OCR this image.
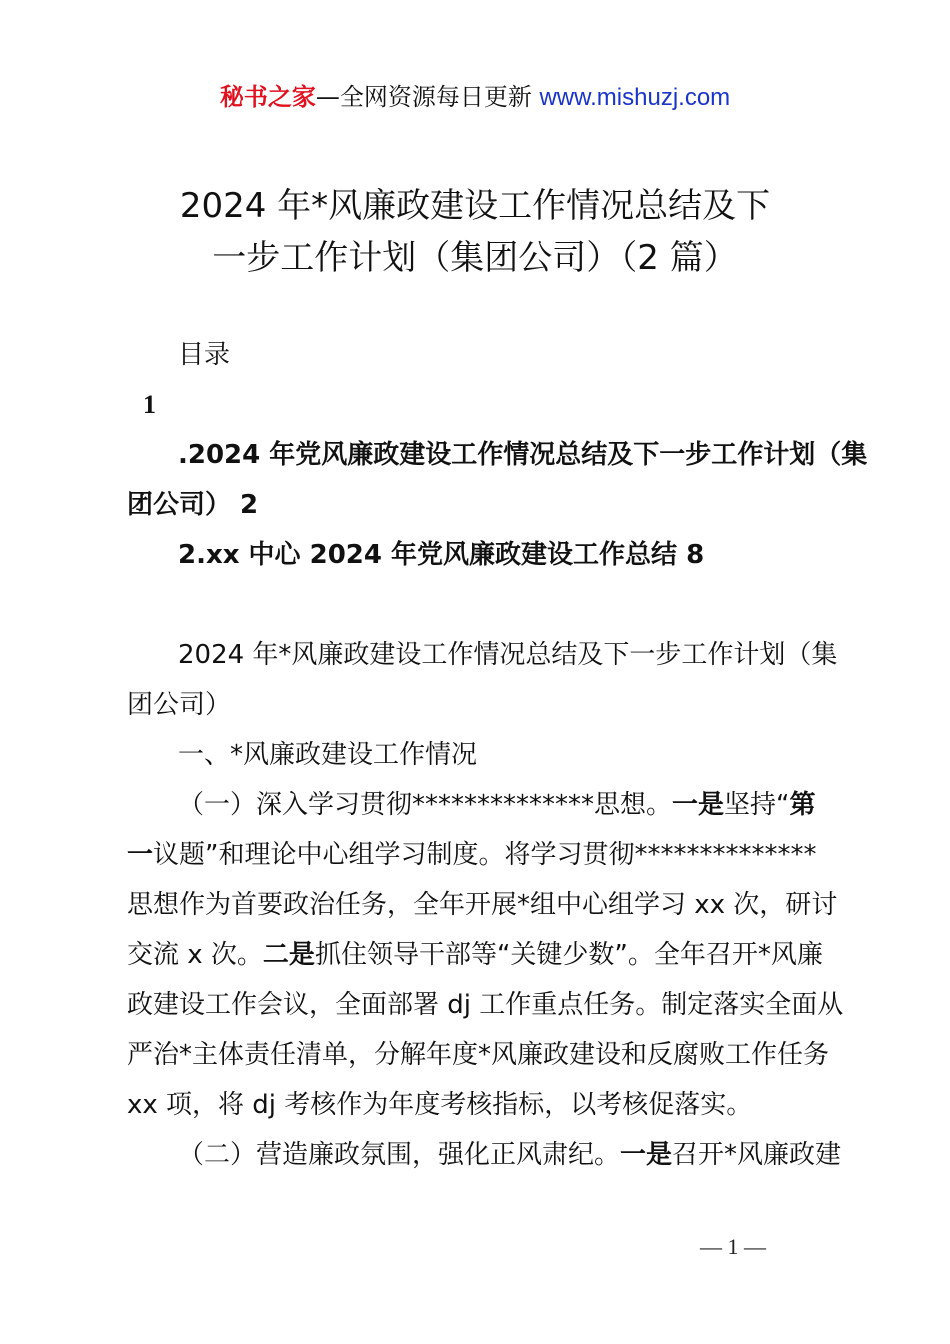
秘书之家—全网资源每日更新 www.mishuzj.com
2024 年*风廉政建设工作情况总结及下
一步工作计划（集团公司）（2 篇）
目录
1
.2024 年党风廉政建设工作情况总结及下一步工作计划（集
团公司） 2
2.xx 中心 2024 年党风廉政建设工作总结 8
2024 年*风廉政建设工作情况总结及下一步工作计划（集
团公司）
一、*风廉政建设工作情况
（一）深入学习贯彻**************思想。一是坚持“第
一议题”和理论中心组学习制度。将学习贯彻**************
思想作为首要政治任务，全年开展*组中心组学习 xx 次，研讨
交流 x 次。二是抓住领导干部等“关键少数”。全年召开*风廉
政建设工作会议，全面部署 dj 工作重点任务。制定落实全面从
严治*主体责任清单，分解年度*风廉政建设和反腐败工作任务
xx 项，将 dj 考核作为年度考核指标，以考核促落实。
（二）营造廉政氛围，强化正风肃纪。一是召开*风廉政建
— 1 —
